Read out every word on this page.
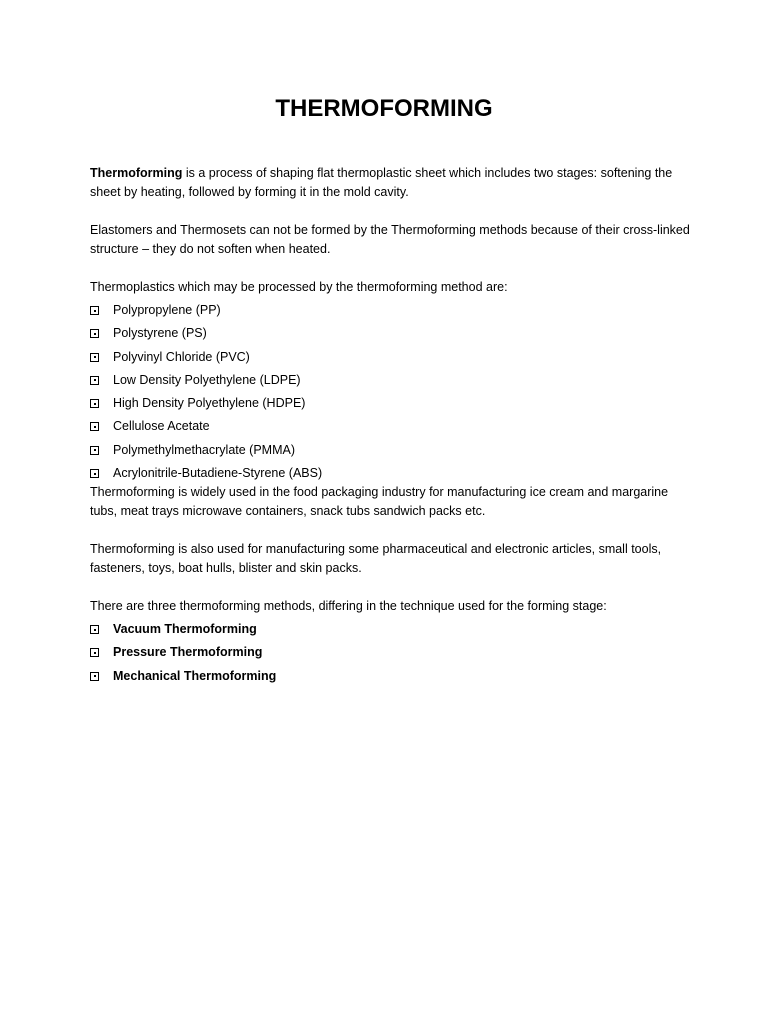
THERMOFORMING
Thermoforming is a process of shaping flat thermoplastic sheet which includes two stages: softening the sheet by heating, followed by forming it in the mold cavity.
Elastomers and Thermosets can not be formed by the Thermoforming methods because of their cross-linked structure – they do not soften when heated.
Thermoplastics which may be processed by the thermoforming method are:
Polypropylene (PP)
Polystyrene (PS)
Polyvinyl Chloride (PVC)
Low Density Polyethylene (LDPE)
High Density Polyethylene (HDPE)
Cellulose Acetate
Polymethylmethacrylate (PMMA)
Acrylonitrile-Butadiene-Styrene (ABS)
Thermoforming is widely used in the food packaging industry for manufacturing ice cream and margarine tubs, meat trays microwave containers, snack tubs sandwich packs etc.
Thermoforming is also used for manufacturing some pharmaceutical and electronic articles, small tools, fasteners, toys, boat hulls, blister and skin packs.
There are three thermoforming methods, differing in the technique used for the forming stage:
Vacuum Thermoforming
Pressure Thermoforming
Mechanical Thermoforming
